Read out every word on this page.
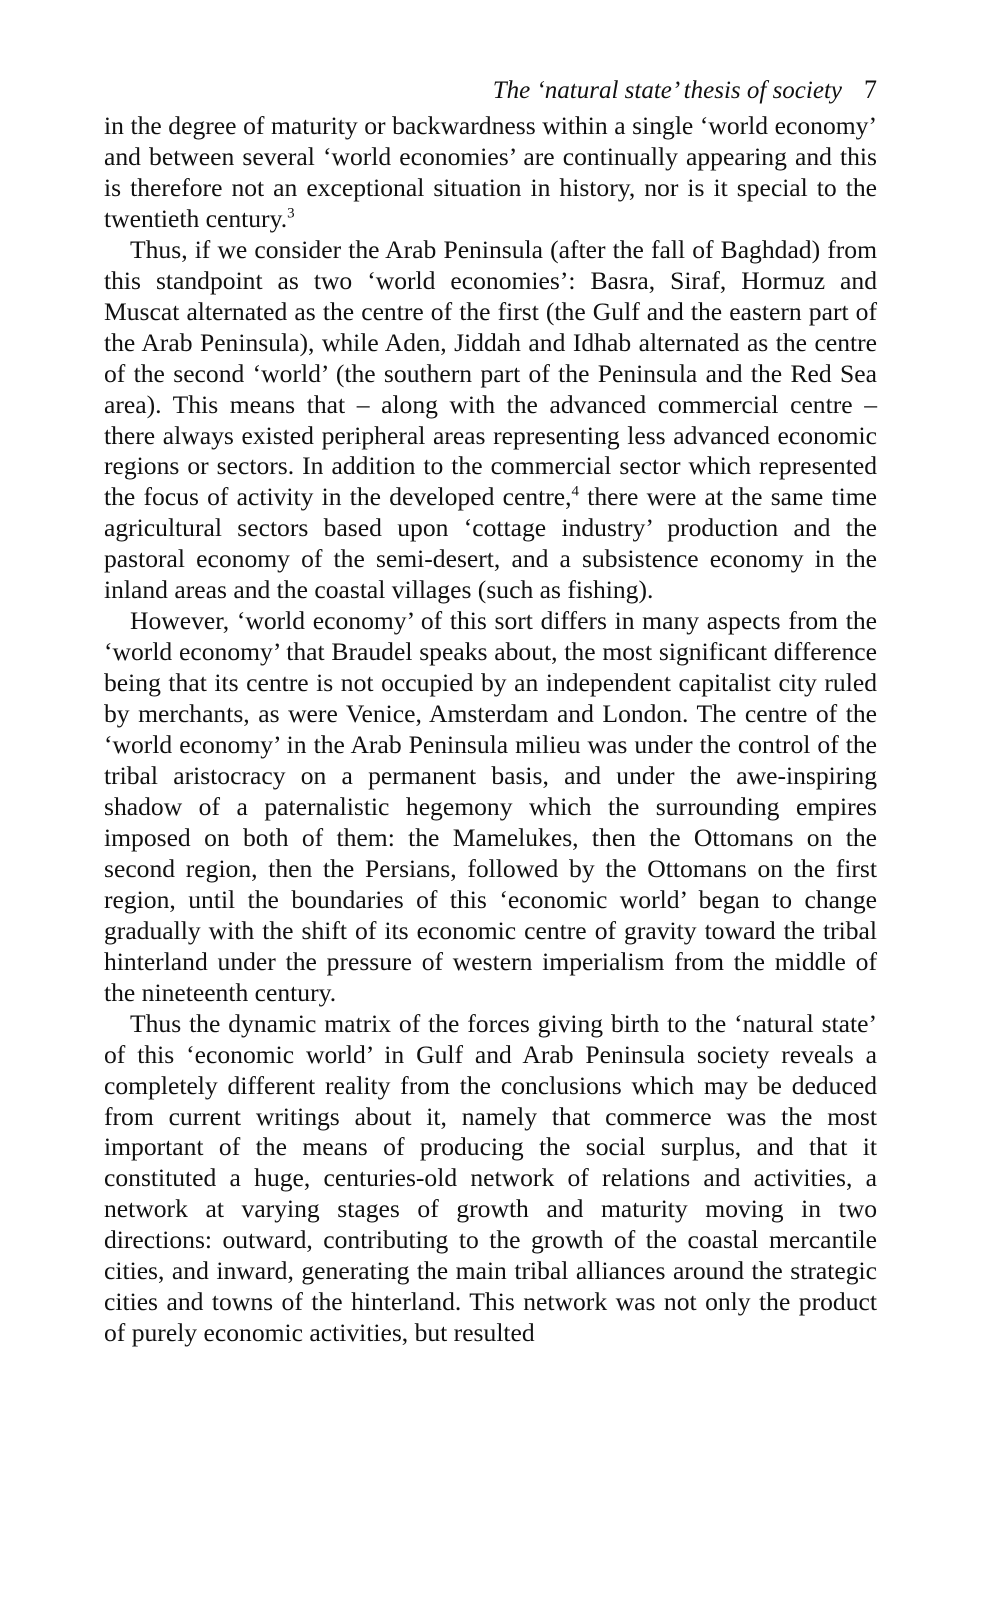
The ‘natural state’ thesis of society 7

in the degree of maturity or backwardness within a single ‘world economy’ and between several ‘world economies’ are continually appearing and this is therefore not an exceptional situation in history, nor is it special to the twentieth century.$^3$

Thus, if we consider the Arab Peninsula (after the fall of Baghdad) from this standpoint as two ‘world economies’: Basra, Siraf, Hormuz and Muscat alternated as the centre of the first (the Gulf and the eastern part of the Arab Peninsula), while Aden, Jiddah and Idhab alternated as the centre of the second ‘world’ (the southern part of the Peninsula and the Red Sea area). This means that – along with the advanced commercial centre – there always existed peripheral areas representing less advanced economic regions or sectors. In addition to the commercial sector which represented the focus of activity in the developed centre,$^4$ there were at the same time agricultural sectors based upon ‘cottage industry’ production and the pastoral economy of the semi-desert, and a subsistence economy in the inland areas and the coastal villages (such as fishing).

However, ‘world economy’ of this sort differs in many aspects from the ‘world economy’ that Braudel speaks about, the most significant difference being that its centre is not occupied by an independent capitalist city ruled by merchants, as were Venice, Amsterdam and London. The centre of the ‘world economy’ in the Arab Peninsula milieu was under the control of the tribal aristocracy on a permanent basis, and under the awe-inspiring shadow of a paternalistic hegemony which the surrounding empires imposed on both of them: the Mamelukes, then the Ottomans on the second region, then the Persians, followed by the Ottomans on the first region, until the boundaries of this ‘economic world’ began to change gradually with the shift of its economic centre of gravity toward the tribal hinterland under the pressure of western imperialism from the middle of the nineteenth century.

Thus the dynamic matrix of the forces giving birth to the ‘natural state’ of this ‘economic world’ in Gulf and Arab Peninsula society reveals a completely different reality from the conclusions which may be deduced from current writings about it, namely that commerce was the most important of the means of producing the social surplus, and that it constituted a huge, centuries-old network of relations and activities, a network at varying stages of growth and maturity moving in two directions: outward, contributing to the growth of the coastal mercantile cities, and inward, generating the main tribal alliances around the strategic cities and towns of the hinterland. This network was not only the product of purely economic activities, but resulted
